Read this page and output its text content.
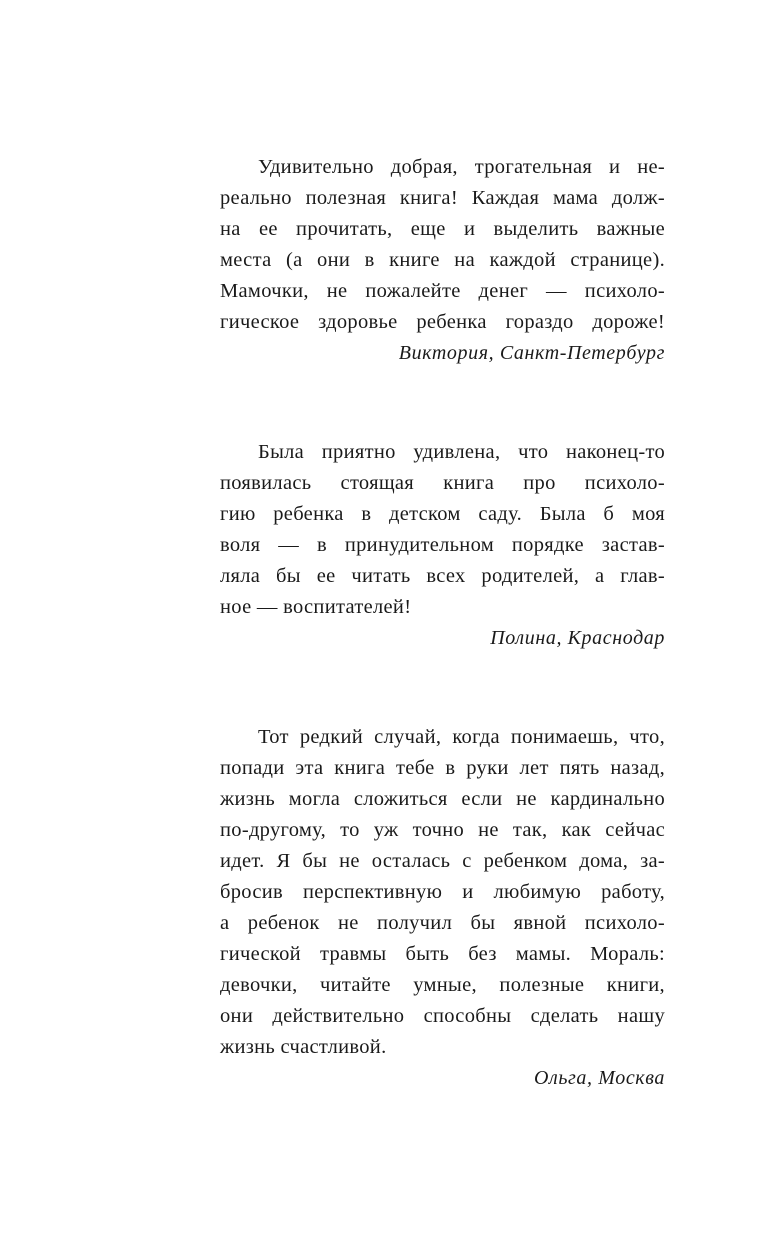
Удивительно добрая, трогательная и не-
реально полезная книга! Каждая мама долж-
на ее прочитать, еще и выделить важные
места (а они в книге на каждой странице).
Мамочки, не пожалейте денег — психоло-
гическое здоровье ребенка гораздо дороже!
Виктория, Санкт-Петербург
Была приятно удивлена, что наконец-то
появилась стоящая книга про психоло-
гию ребенка в детском саду. Была б моя
воля — в принудительном порядке застав-
ляла бы ее читать всех родителей, а глав-
ное — воспитателей!
Полина, Краснодар
Тот редкий случай, когда понимаешь, что,
попади эта книга тебе в руки лет пять назад,
жизнь могла сложиться если не кардинально
по-другому, то уж точно не так, как сейчас
идет. Я бы не осталась с ребенком дома, за-
бросив перспективную и любимую работу,
а ребенок не получил бы явной психоло-
гической травмы быть без мамы. Мораль:
девочки, читайте умные, полезные книги,
они действительно способны сделать нашу
жизнь счастливой.
Ольга, Москва
